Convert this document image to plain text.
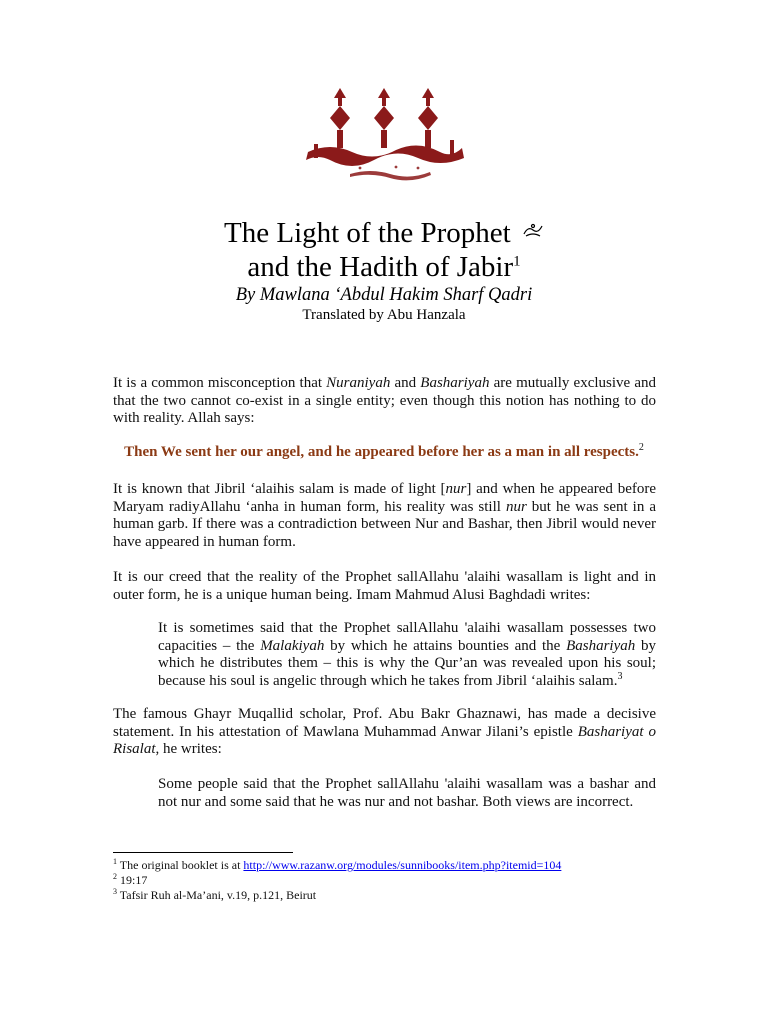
The Light of the Prophet
and the Hadith of Jabir$^1$
By Mawlana ‘Abdul Hakim Sharf Qadri
Translated by Abu Hanzala
It is a common misconception that Nuraniyah and Bashariyah are mutually exclusive and that the two cannot co-exist in a single entity; even though this notion has nothing to do with reality. Allah says:
Then We sent her our angel, and he appeared before her as a man in all respects.$^2$
It is known that Jibril ‘alaihis salam is made of light [nur] and when he appeared before Maryam radiyAllahu ‘anha in human form, his reality was still nur but he was sent in a human garb. If there was a contradiction between Nur and Bashar, then Jibril would never have appeared in human form.
It is our creed that the reality of the Prophet sallAllahu 'alaihi wasallam is light and in outer form, he is a unique human being. Imam Mahmud Alusi Baghdadi writes:
It is sometimes said that the Prophet sallAllahu 'alaihi wasallam possesses two capacities – the Malakiyah by which he attains bounties and the Bashariyah by which he distributes them – this is why the Qur’an was revealed upon his soul; because his soul is angelic through which he takes from Jibril ‘alaihis salam.$^3$
The famous Ghayr Muqallid scholar, Prof. Abu Bakr Ghaznawi, has made a decisive statement. In his attestation of Mawlana Muhammad Anwar Jilani’s epistle Bashariyat o Risalat, he writes:
Some people said that the Prophet sallAllahu 'alaihi wasallam was a bashar and not nur and some said that he was nur and not bashar. Both views are incorrect.
$^1$ The original booklet is at http://www.razanw.org/modules/sunnibooks/item.php?itemid=104
$^2$ 19:17
$^3$ Tafsir Ruh al-Ma’ani, v.19, p.121, Beirut
